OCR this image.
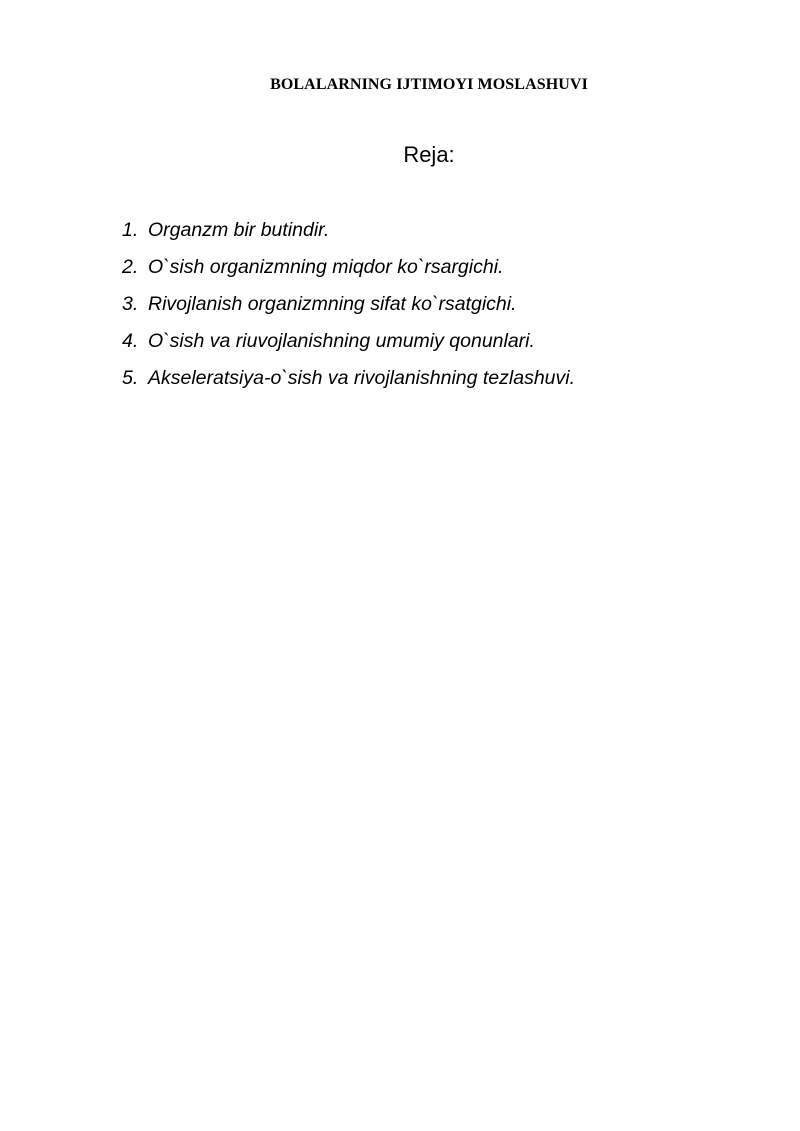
BOLALARNING IJTIMOYI MOSLASHUVI
Reja:
1. Organzm bir butindir.
2. O`sish organizmning miqdor ko`rsargichi.
3. Rivojlanish organizmning sifat ko`rsatgichi.
4. O`sish va riuvojlanishning umumiy qonunlari.
5. Akseleratsiya-o`sish va rivojlanishning tezlashuvi.
